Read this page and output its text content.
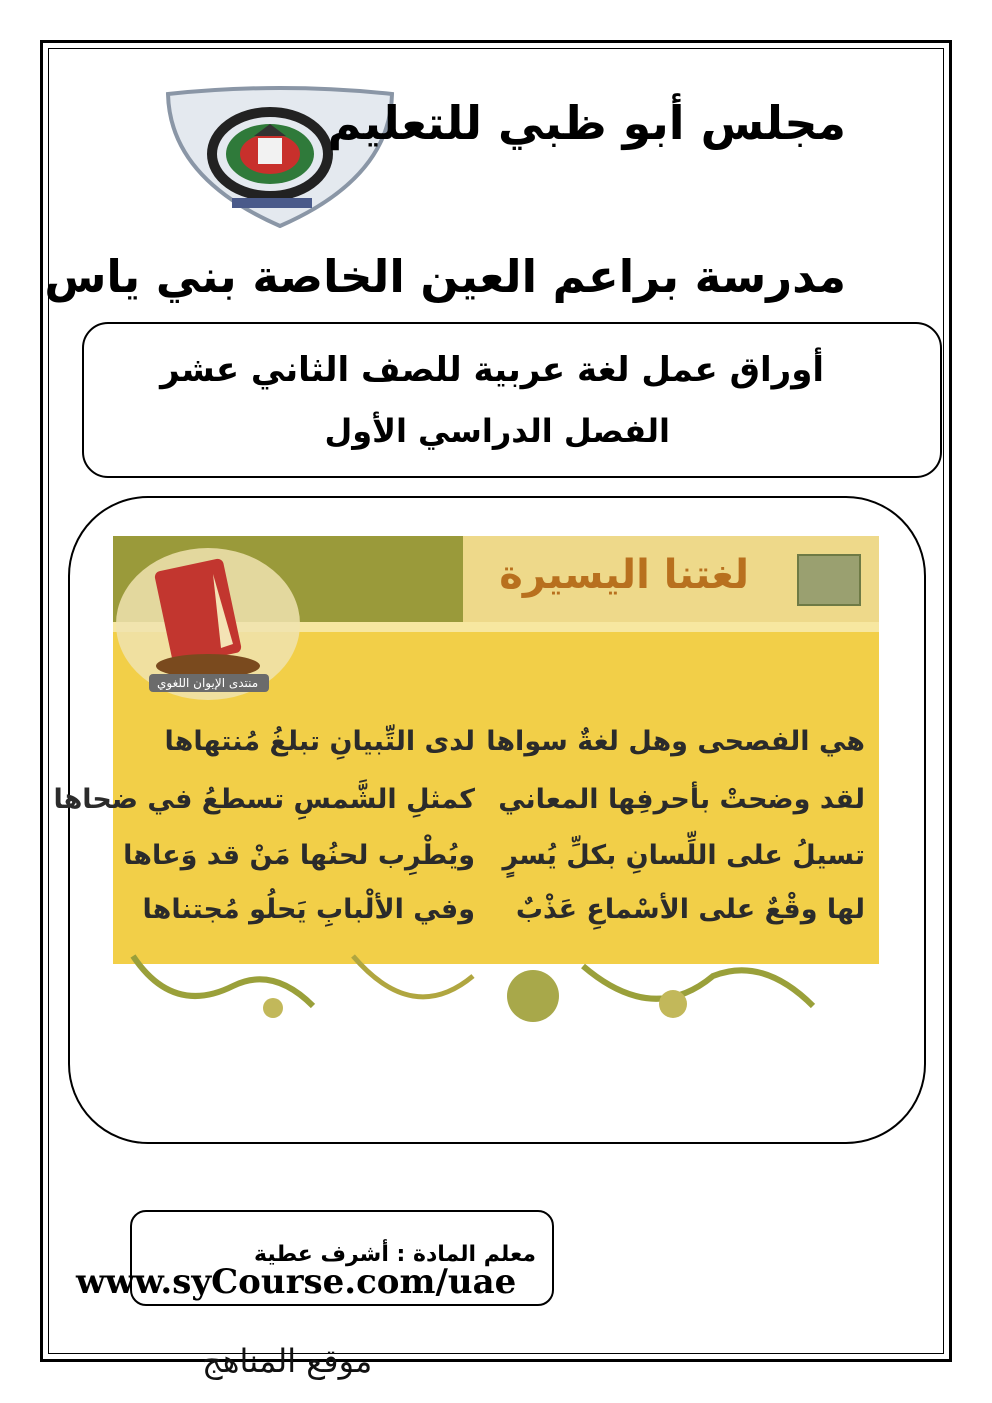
مجلس أبو ظبي للتعليم
مدرسة براعم العين الخاصة بني ياس
أوراق عمل لغة عربية للصف الثاني عشر
الفصل الدراسي الأول
منتدى الإيوان اللغوي
لغتنا اليسيرة
هي الفصحى وهل لغةٌ سواها
لدى التِّبيانِ تبلغُ مُنتهاها
لقد وضحتْ بأحرفِها المعاني
كمثلِ الشَّمسِ تسطعُ في ضحاها
تسيلُ على اللِّسانِ بكلِّ يُسرٍ
ويُطْرِب لحنُها مَنْ قد وَعاها
لها وقْعٌ على الأسْماعِ عَذْبٌ
وفي الألْبابِ يَحلُو مُجتناها
معلم المادة : أشرف عطية
www.syCourse.com/uae
موقع المناهج
